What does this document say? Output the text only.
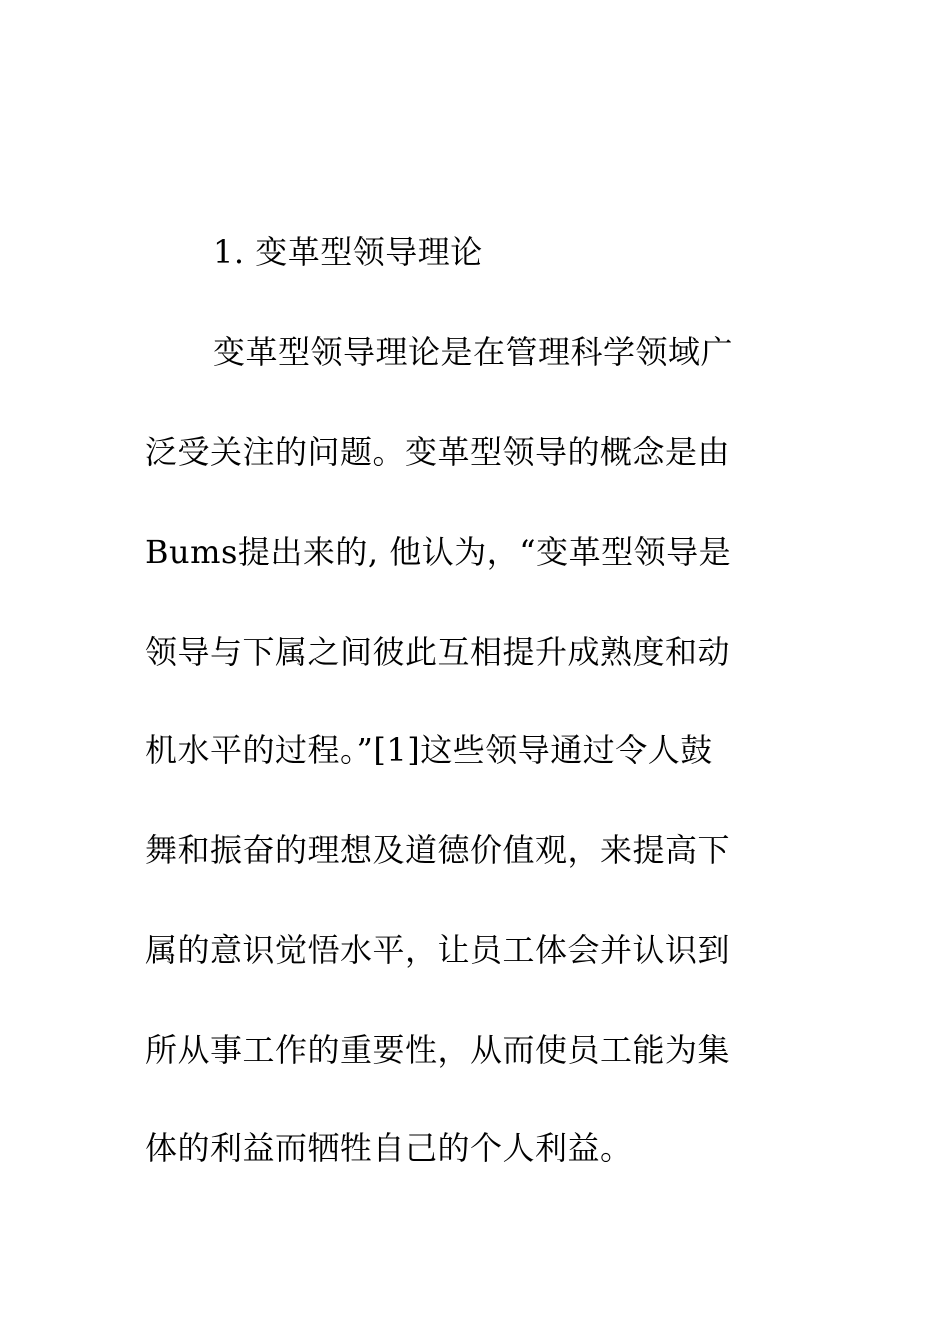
1. 变革型领导理论
变革型领导理论是在管理科学领域广
泛受关注的问题。变革型领导的概念是由
Bums提出来的, 他认为，“变革型领导是
领导与下属之间彼此互相提升成熟度和动
机水平的过程。”[1]这些领导通过令人鼓
舞和振奋的理想及道德价值观，来提高下
属的意识觉悟水平，让员工体会并认识到
所从事工作的重要性，从而使员工能为集
体的利益而牺牲自己的个人利益。
